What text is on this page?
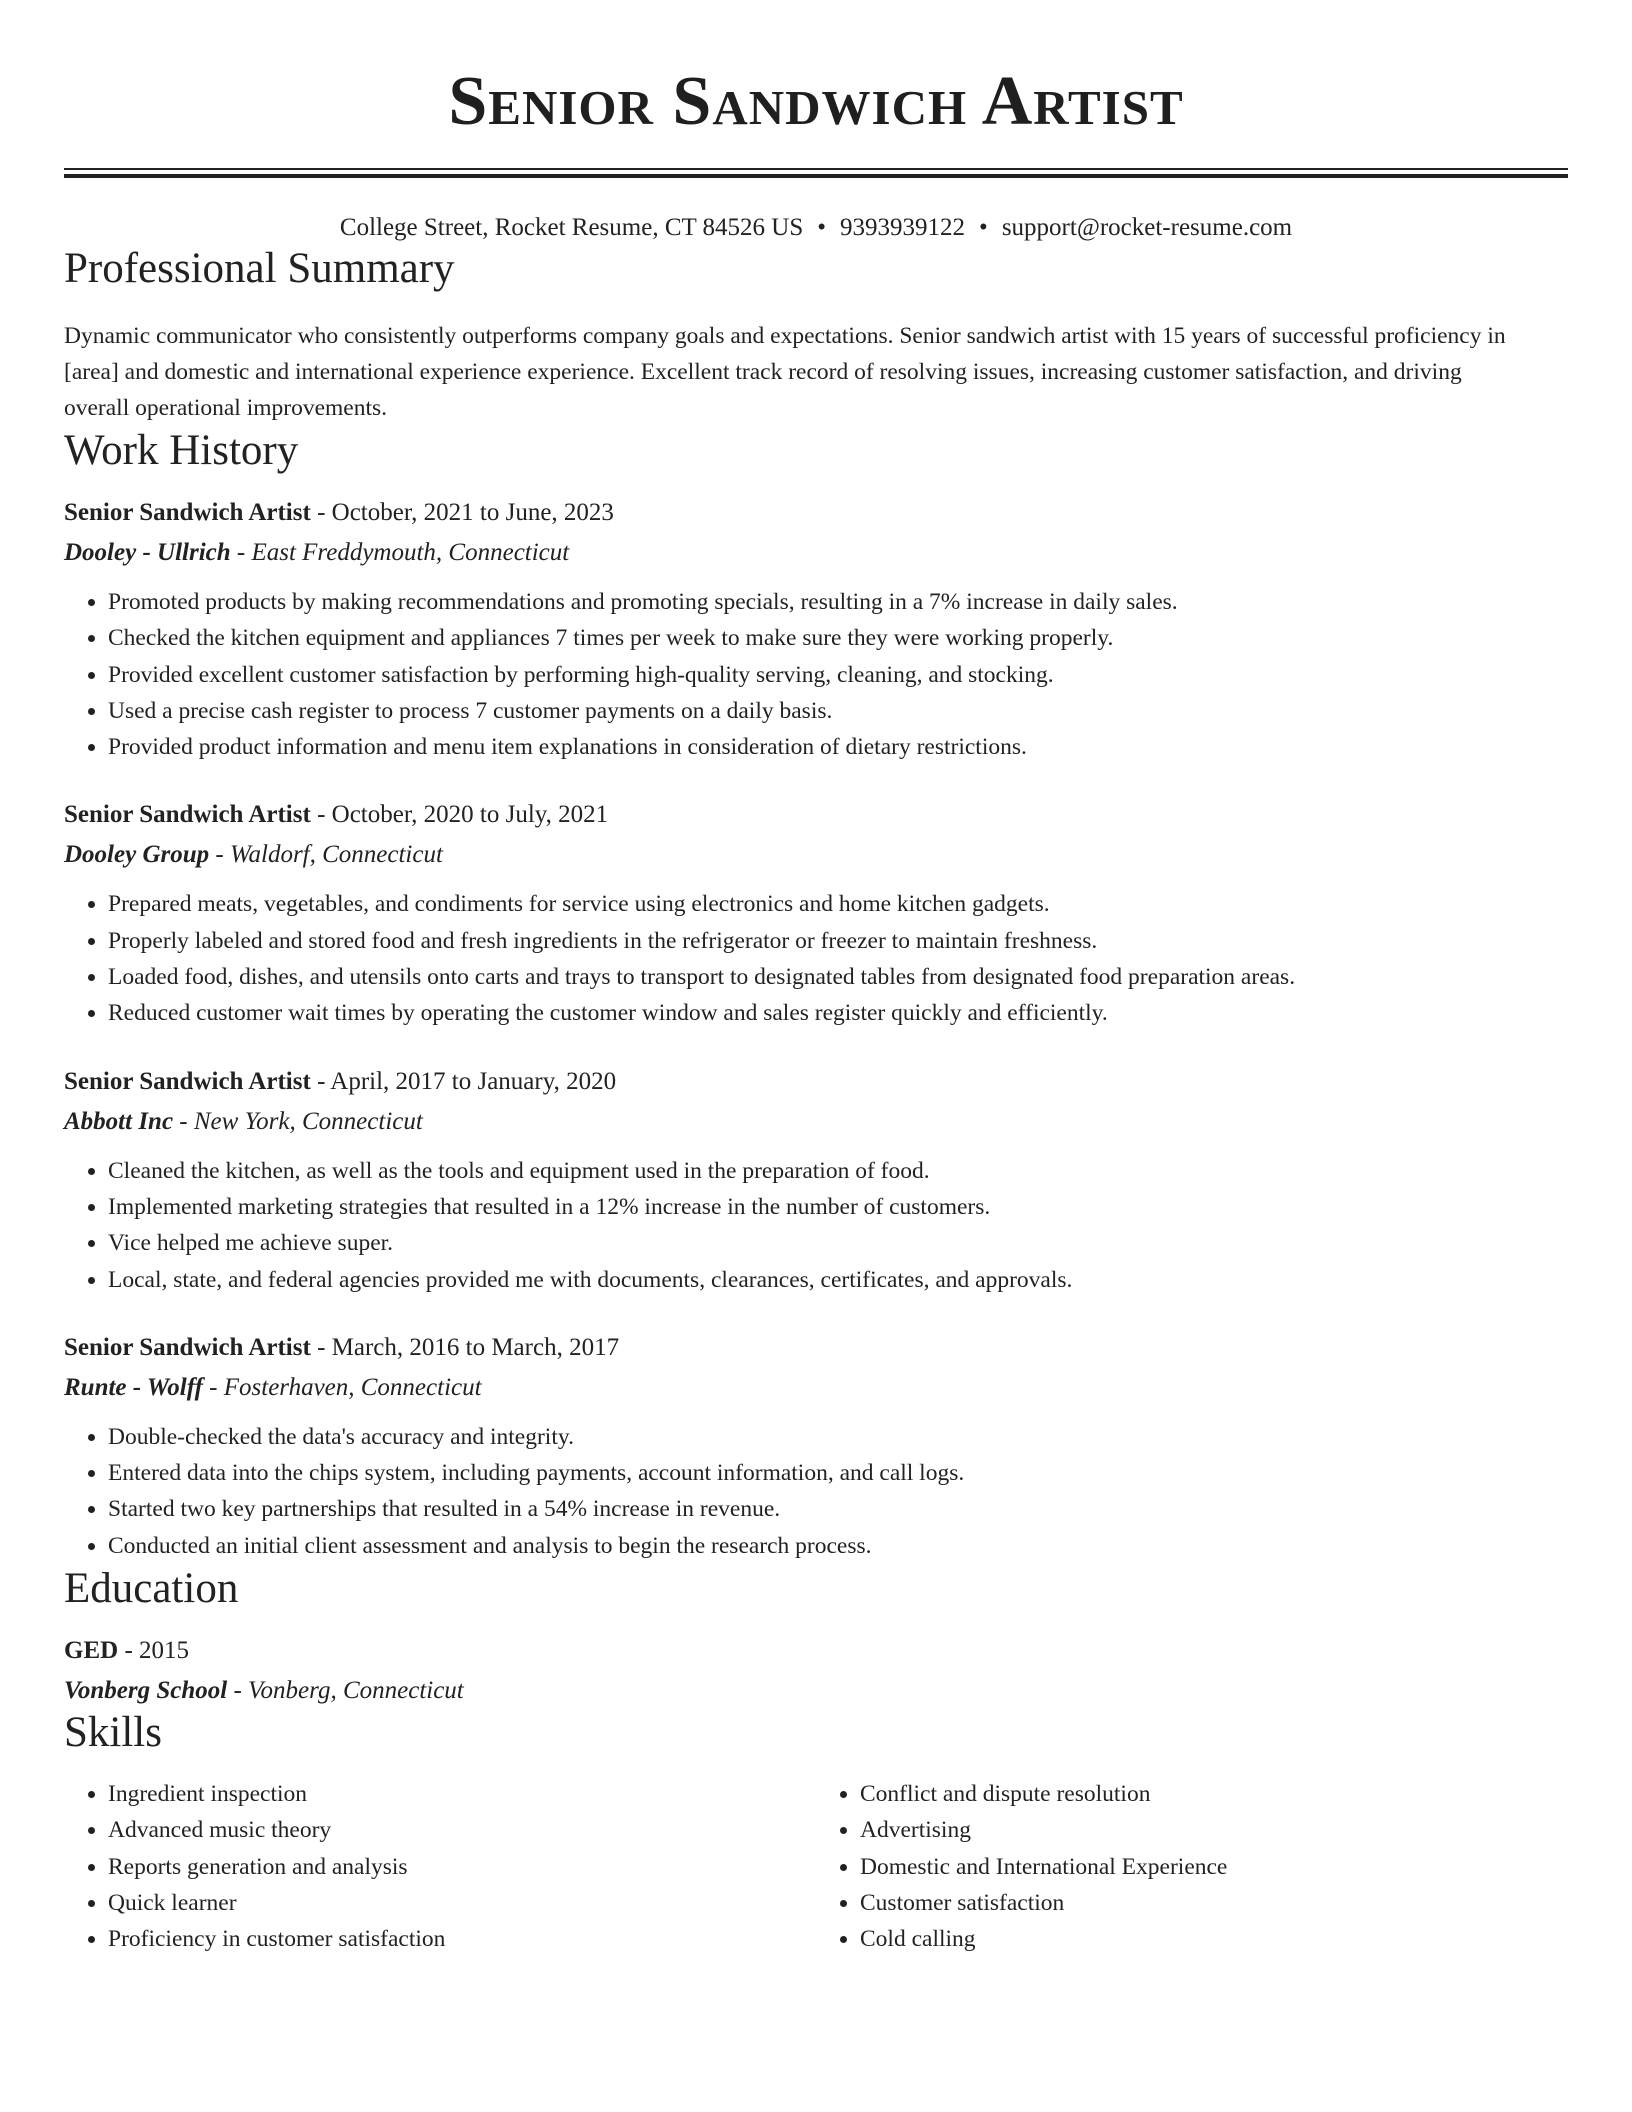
Senior Sandwich Artist
College Street, Rocket Resume, CT 84526 US • 9393939122 • support@rocket-resume.com
Professional Summary
Dynamic communicator who consistently outperforms company goals and expectations. Senior sandwich artist with 15 years of successful proficiency in [area] and domestic and international experience experience. Excellent track record of resolving issues, increasing customer satisfaction, and driving overall operational improvements.
Work History
Senior Sandwich Artist - October, 2021 to June, 2023
Dooley - Ullrich - East Freddymouth, Connecticut
• Promoted products by making recommendations and promoting specials, resulting in a 7% increase in daily sales.
• Checked the kitchen equipment and appliances 7 times per week to make sure they were working properly.
• Provided excellent customer satisfaction by performing high-quality serving, cleaning, and stocking.
• Used a precise cash register to process 7 customer payments on a daily basis.
• Provided product information and menu item explanations in consideration of dietary restrictions.
Senior Sandwich Artist - October, 2020 to July, 2021
Dooley Group - Waldorf, Connecticut
• Prepared meats, vegetables, and condiments for service using electronics and home kitchen gadgets.
• Properly labeled and stored food and fresh ingredients in the refrigerator or freezer to maintain freshness.
• Loaded food, dishes, and utensils onto carts and trays to transport to designated tables from designated food preparation areas.
• Reduced customer wait times by operating the customer window and sales register quickly and efficiently.
Senior Sandwich Artist - April, 2017 to January, 2020
Abbott Inc - New York, Connecticut
• Cleaned the kitchen, as well as the tools and equipment used in the preparation of food.
• Implemented marketing strategies that resulted in a 12% increase in the number of customers.
• Vice helped me achieve super.
• Local, state, and federal agencies provided me with documents, clearances, certificates, and approvals.
Senior Sandwich Artist - March, 2016 to March, 2017
Runte - Wolff - Fosterhaven, Connecticut
• Double-checked the data's accuracy and integrity.
• Entered data into the chips system, including payments, account information, and call logs.
• Started two key partnerships that resulted in a 54% increase in revenue.
• Conducted an initial client assessment and analysis to begin the research process.
Education
GED - 2015
Vonberg School - Vonberg, Connecticut
Skills
• Ingredient inspection
• Advanced music theory
• Reports generation and analysis
• Quick learner
• Proficiency in customer satisfaction
• Conflict and dispute resolution
• Advertising
• Domestic and International Experience
• Customer satisfaction
• Cold calling
